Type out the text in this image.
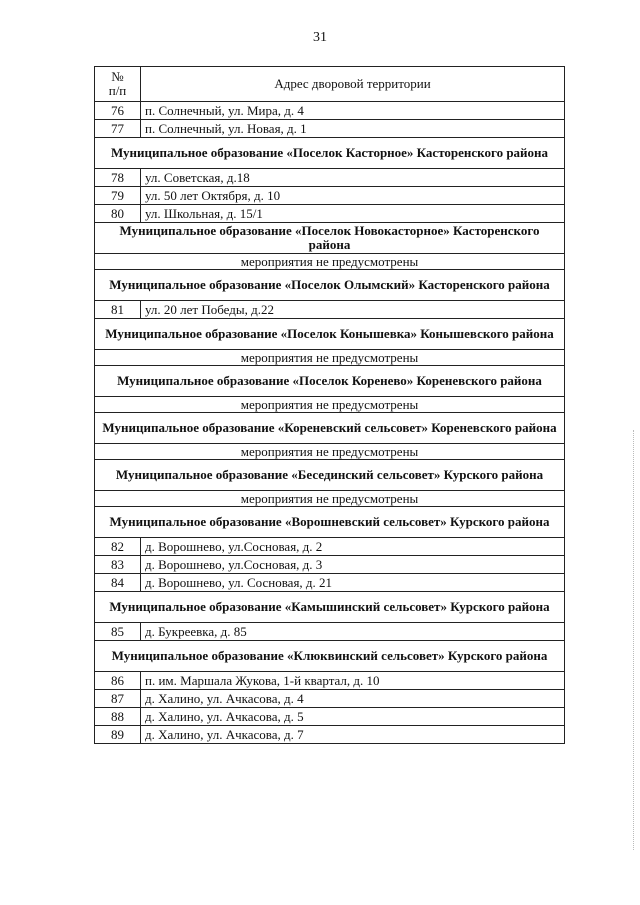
31
№
п/п	Адрес дворовой территории
76	п. Солнечный, ул. Мира, д. 4
77	п. Солнечный, ул. Новая, д. 1
Муниципальное образование «Поселок Касторное» Касторенского района	
78	ул. Советская, д.18
79	ул. 50 лет Октября, д. 10
80	ул. Школьная, д. 15/1
Муниципальное образование «Поселок Новокасторное» Касторенского района	
мероприятия не предусмотрены	
Муниципальное образование «Поселок Олымский» Касторенского района	
81	ул. 20 лет Победы, д.22
Муниципальное образование «Поселок Конышевка» Конышевского района	
мероприятия не предусмотрены	
Муниципальное образование «Поселок Коренево» Кореневского района	
мероприятия не предусмотрены	
Муниципальное образование «Кореневский сельсовет» Кореневского района	
мероприятия не предусмотрены	
Муниципальное образование «Бесединский сельсовет» Курского района	
мероприятия не предусмотрены	
Муниципальное образование «Ворошневский сельсовет» Курского района	
82	д. Ворошнево, ул.Сосновая, д. 2
83	д. Ворошнево, ул.Сосновая, д. 3
84	д. Ворошнево, ул. Сосновая, д. 21
Муниципальное образование «Камышинский сельсовет» Курского района	
85	д. Букреевка, д. 85
Муниципальное образование «Клюквинский сельсовет» Курского района	
86	п. им. Маршала Жукова, 1-й квартал, д. 10
87	д. Халино, ул. Ачкасова, д. 4
88	д. Халино, ул. Ачкасова, д. 5
89	д. Халино, ул. Ачкасова, д. 7
